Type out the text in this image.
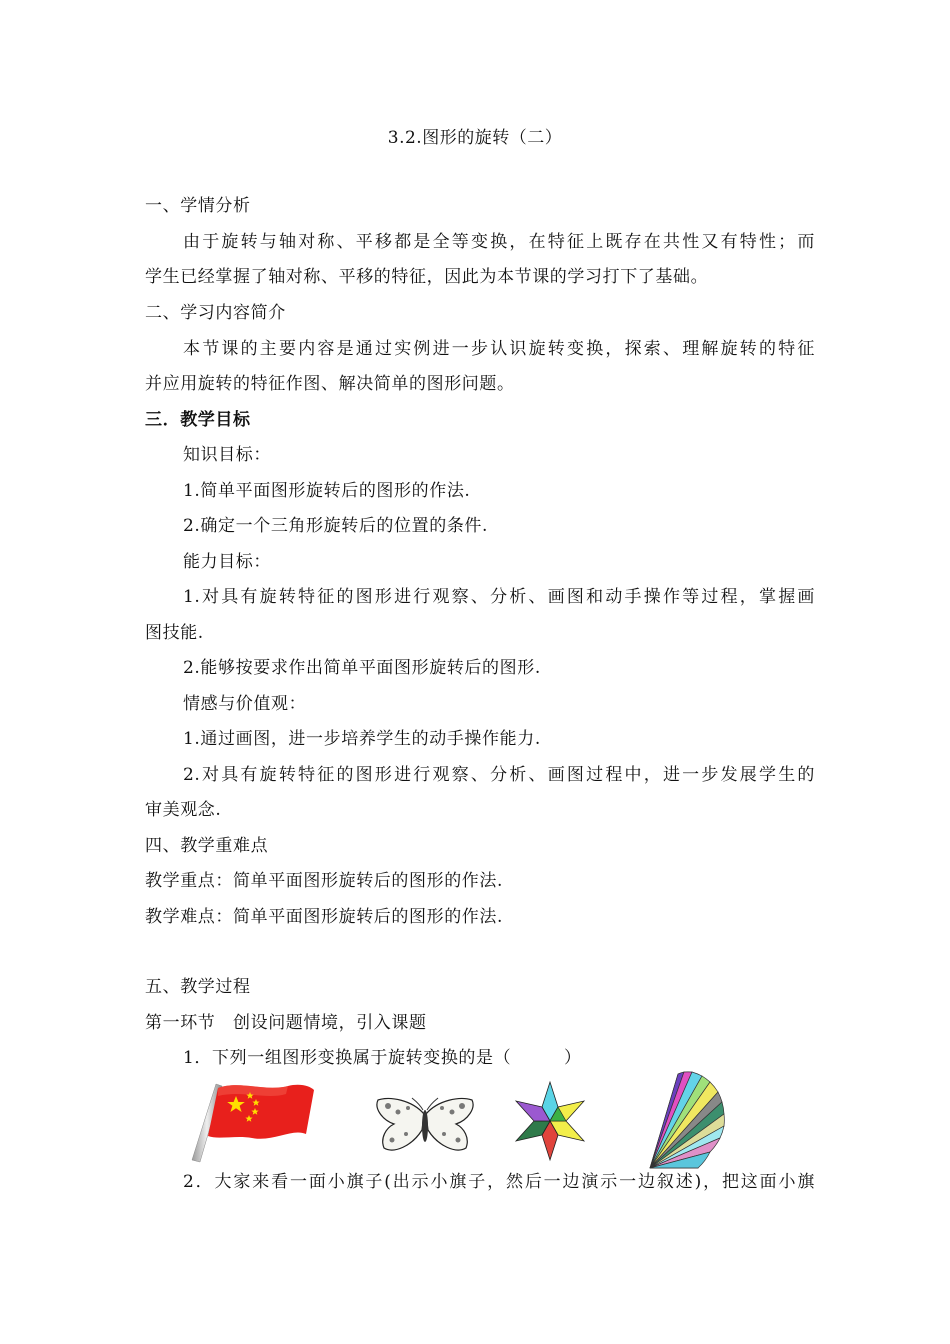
3.2.图形的旋转（二）
一、学情分析
由于旋转与轴对称、平移都是全等变换，在特征上既存在共性又有特性；而
学生已经掌握了轴对称、平移的特征，因此为本节课的学习打下了基础。
二、学习内容简介
本节课的主要内容是通过实例进一步认识旋转变换，探索、理解旋转的特征
并应用旋转的特征作图、解决简单的图形问题。
三．教学目标
知识目标：
1.简单平面图形旋转后的图形的作法.
2.确定一个三角形旋转后的位置的条件.
能力目标：
1.对具有旋转特征的图形进行观察、分析、画图和动手操作等过程，掌握画
图技能.
2.能够按要求作出简单平面图形旋转后的图形.
情感与价值观：
1.通过画图，进一步培养学生的动手操作能力.
2.对具有旋转特征的图形进行观察、分析、画图过程中，进一步发展学生的
审美观念.
四、教学重难点
教学重点：简单平面图形旋转后的图形的作法.
教学难点：简单平面图形旋转后的图形的作法.
五、教学过程
第一环节　创设问题情境，引入课题
1．下列一组图形变换属于旋转变换的是（　　　）
2．大家来看一面小旗子(出示小旗子，然后一边演示一边叙述)，把这面小旗
